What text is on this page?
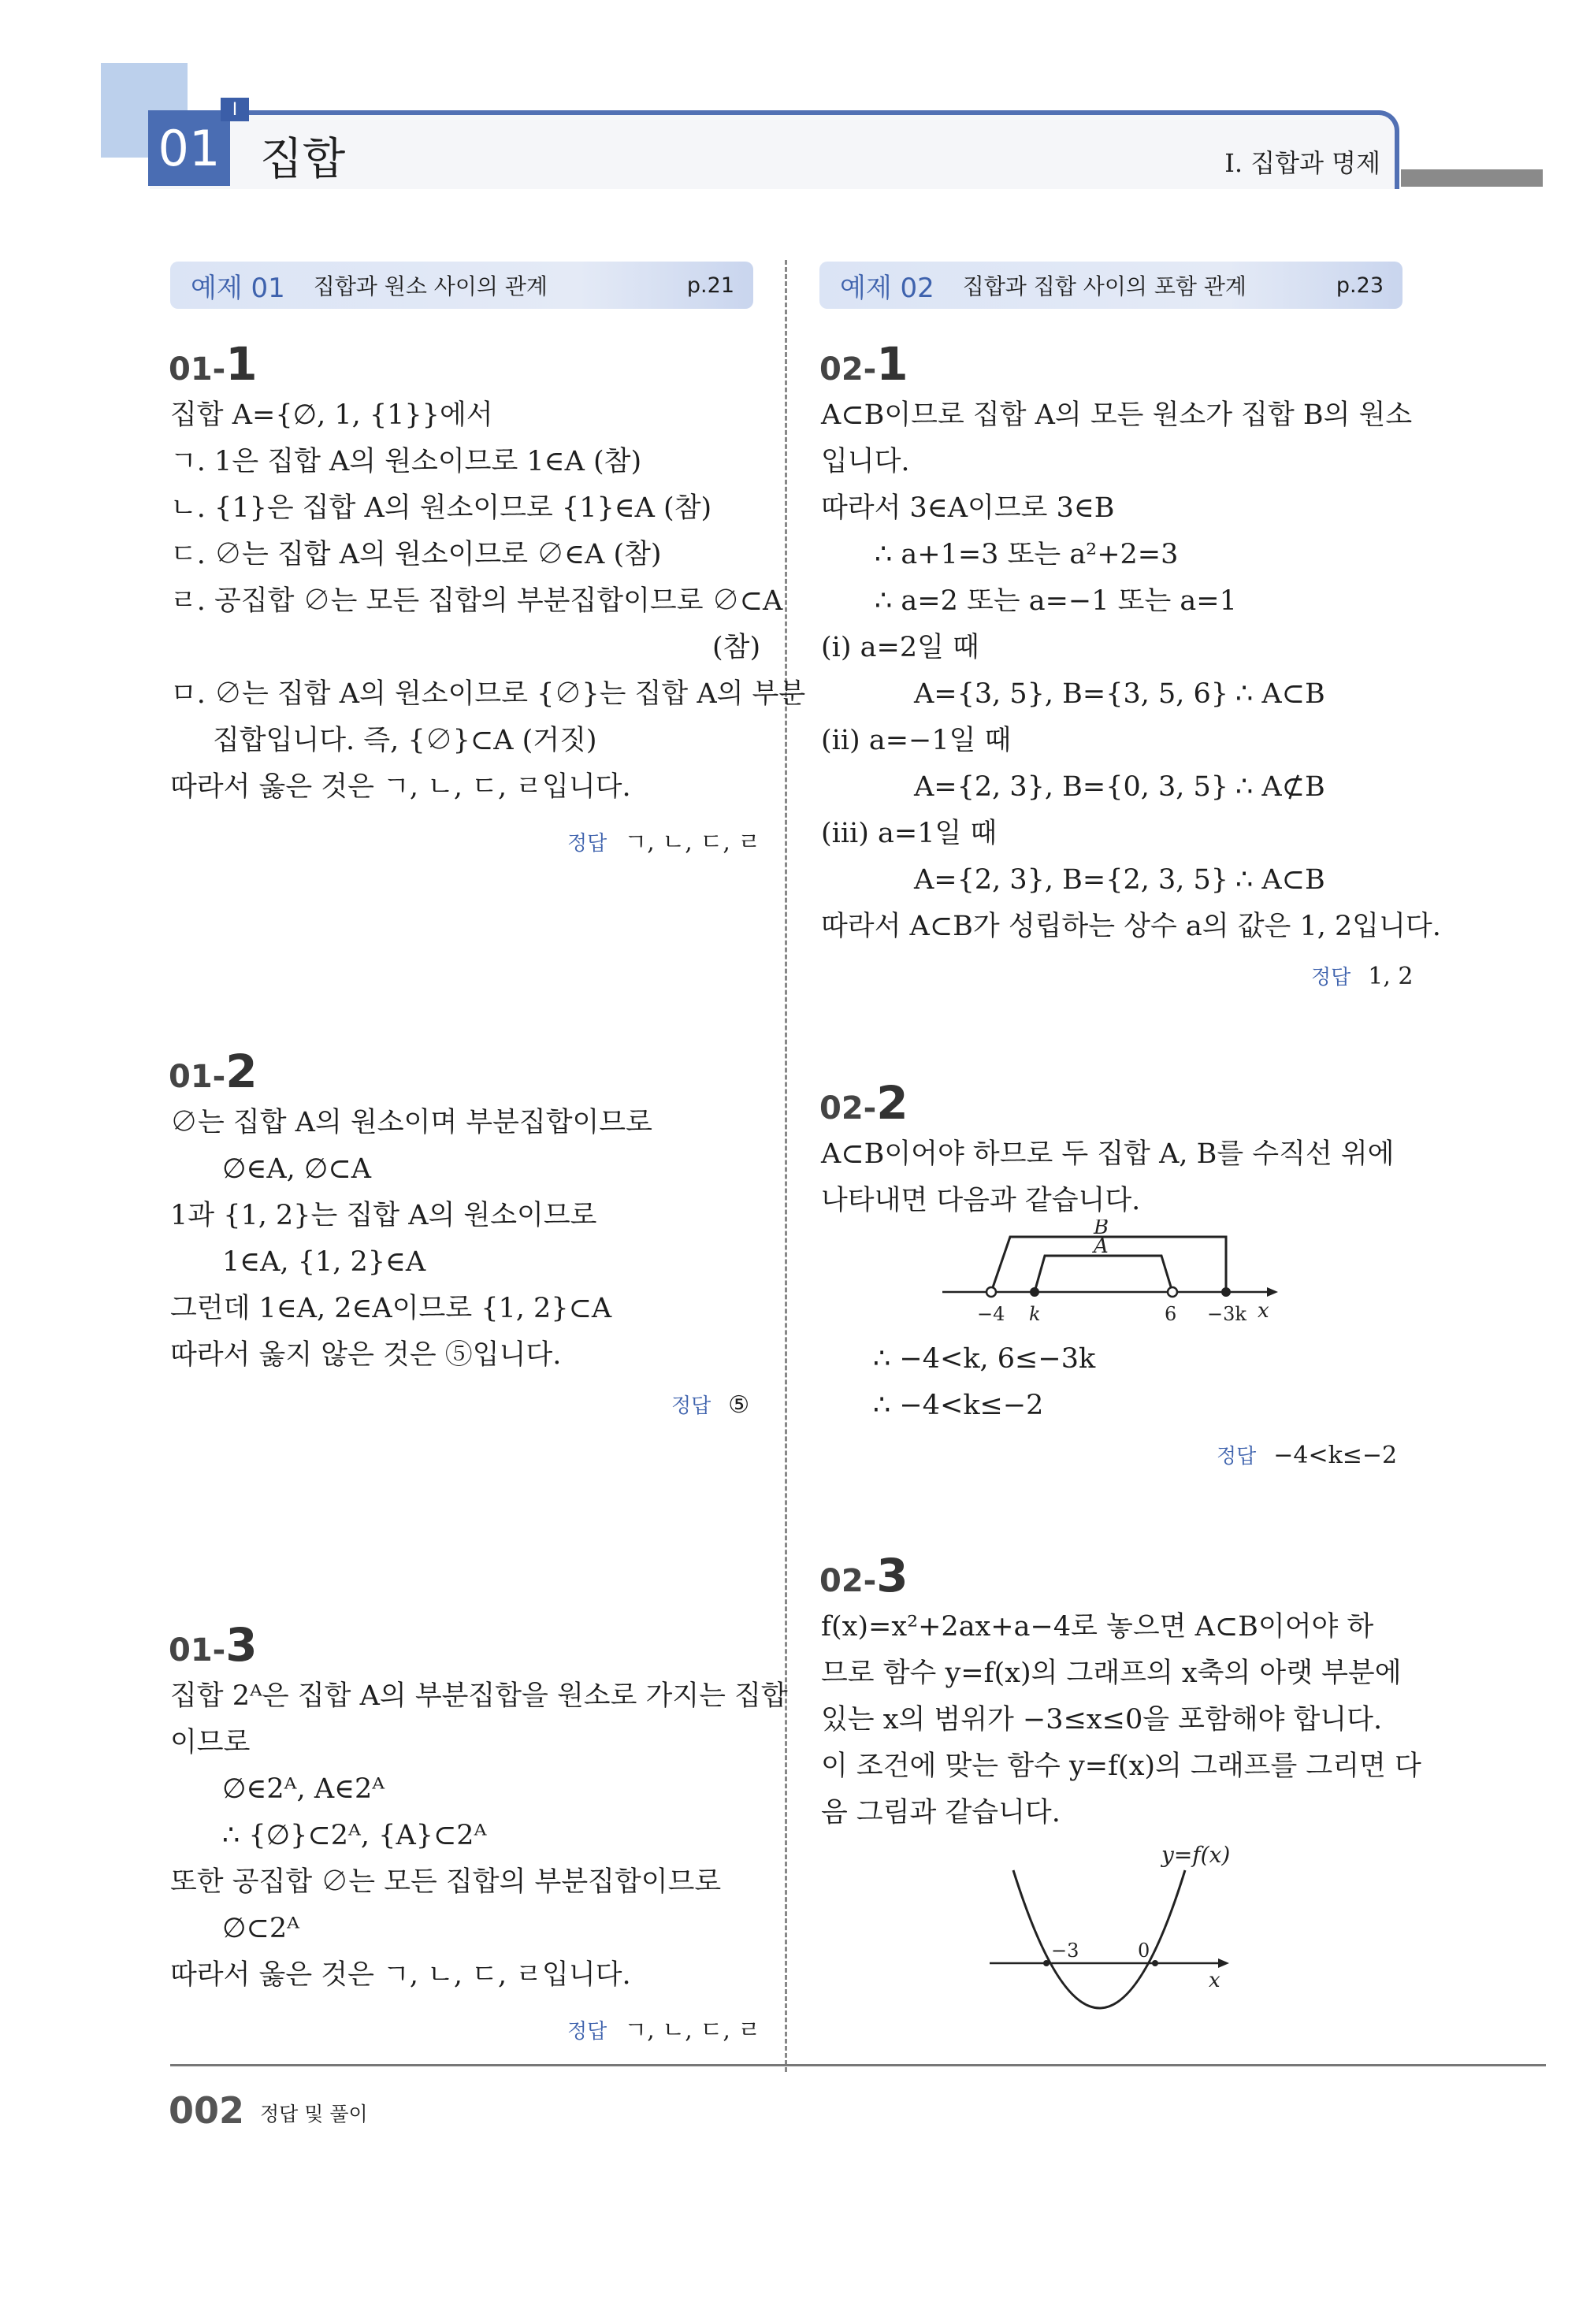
01
Ⅰ
집합	Ⅰ. 집합과 명제
예제 01 집합과 원소 사이의 관계	p.21	예제 02 집합과 집합 사이의 포함 관계	p.23
01-1
집합 A={∅, 1, {1}}에서
ㄱ. 1은 집합 A의 원소이므로 1∈A (참)
ㄴ. {1}은 집합 A의 원소이므로 {1}∈A (참)
ㄷ. ∅는 집합 A의 원소이므로 ∅∈A (참)
ㄹ. 공집합 ∅는 모든 집합의 부분집합이므로 ∅⊂A
(참)
ㅁ. ∅는 집합 A의 원소이므로 {∅}는 집합 A의 부분
집합입니다. 즉, {∅}⊂A (거짓)
따라서 옳은 것은 ㄱ, ㄴ, ㄷ, ㄹ입니다.
정답 ㄱ, ㄴ, ㄷ, ㄹ
01-2
∅는 집합 A의 원소이며 부분집합이므로
∅∈A, ∅⊂A
1과 {1, 2}는 집합 A의 원소이므로
1∈A, {1, 2}∈A
그런데 1∈A, 2∈A이므로 {1, 2}⊂A
따라서 옳지 않은 것은 ⑤입니다.
정답 ⑤
01-3
집합 2ᴬ은 집합 A의 부분집합을 원소로 가지는 집합
이므로
∅∈2ᴬ, A∈2ᴬ
∴ {∅}⊂2ᴬ, {A}⊂2ᴬ
또한 공집합 ∅는 모든 집합의 부분집합이므로
∅⊂2ᴬ
따라서 옳은 것은 ㄱ, ㄴ, ㄷ, ㄹ입니다.
정답 ㄱ, ㄴ, ㄷ, ㄹ
02-1
A⊂B이므로 집합 A의 모든 원소가 집합 B의 원소
입니다.
따라서 3∈A이므로 3∈B
∴ a+1=3 또는 a²+2=3
∴ a=2 또는 a=−1 또는 a=1
(ⅰ) a=2일 때
A={3, 5}, B={3, 5, 6} ∴ A⊂B
(ⅱ) a=−1일 때
A={2, 3}, B={0, 3, 5} ∴ A⊄B
(ⅲ) a=1일 때
A={2, 3}, B={2, 3, 5} ∴ A⊂B
따라서 A⊂B가 성립하는 상수 a의 값은 1, 2입니다.
정답 1, 2
02-2
A⊂B이어야 하므로 두 집합 A, B를 수직선 위에
나타내면 다음과 같습니다.
B
A
−4 k	6 −3k x
∴ −4<k, 6≤−3k
∴ −4<k≤−2
정답 −4<k≤−2
02-3
f(x)=x²+2ax+a−4로 놓으면 A⊂B이어야 하
므로 함수 y=f(x)의 그래프의 x축의 아랫 부분에
있는 x의 범위가 −3≤x≤0을 포함해야 합니다.
이 조건에 맞는 함수 y=f(x)의 그래프를 그리면 다
음 그림과 같습니다.
y=f(x)
−3	0
x
002 정답 및 풀이
